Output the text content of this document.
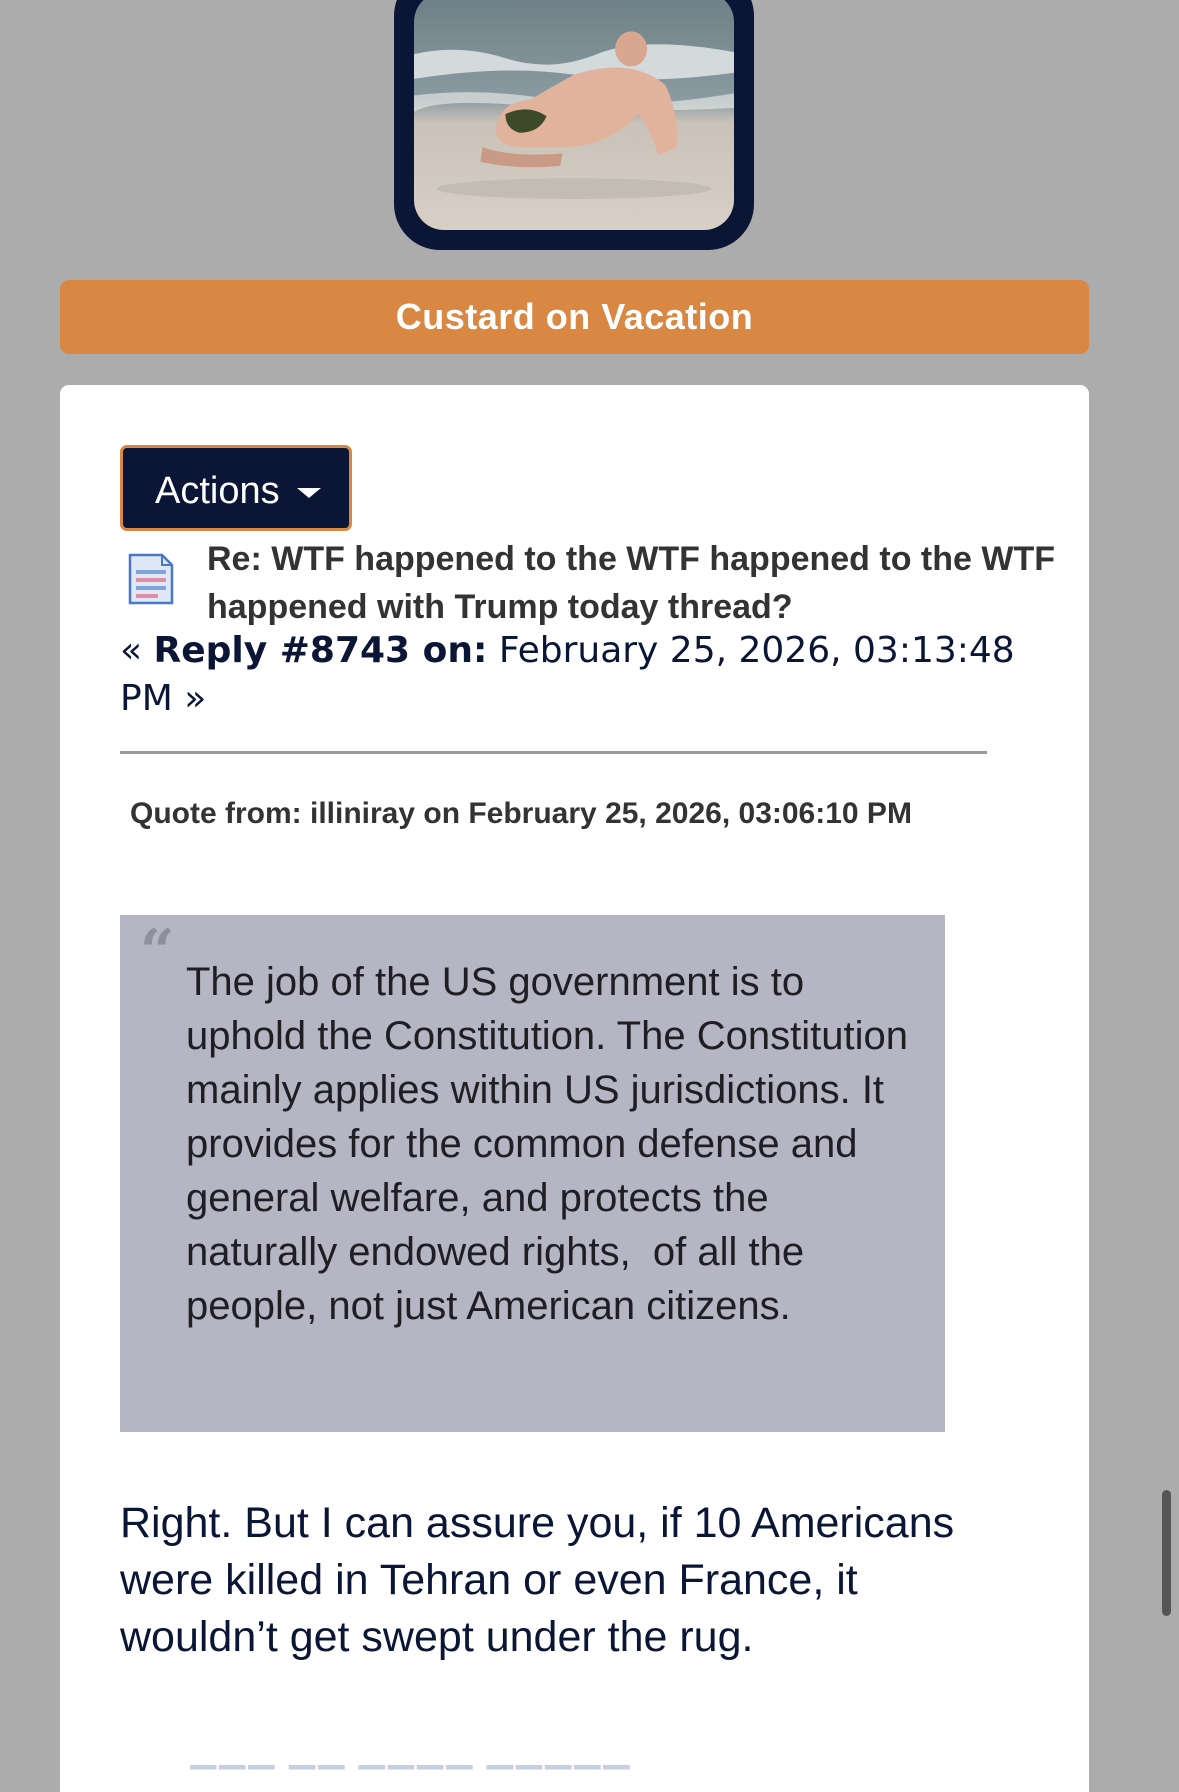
Custard on Vacation
Actions
Re: WTF happened to the WTF happened to the WTF happened with Trump today thread?
« Reply #8743 on: February 25, 2026, 03:13:48 PM »
Quote from: illiniray on February 25, 2026, 03:06:10 PM
“ The job of the US government is to uphold the Constitution. The Constitution mainly applies within US jurisdictions. It provides for the common defense and general welfare, and protects the naturally endowed rights,  of all the  people, not just American citizens.
Right. But I can assure you, if 10 Americans were killed in Tehran or even France, it wouldn’t get swept under the rug.
▔▔▔ ▔▔ ▔▔▔▔ ▔▔▔▔▔
